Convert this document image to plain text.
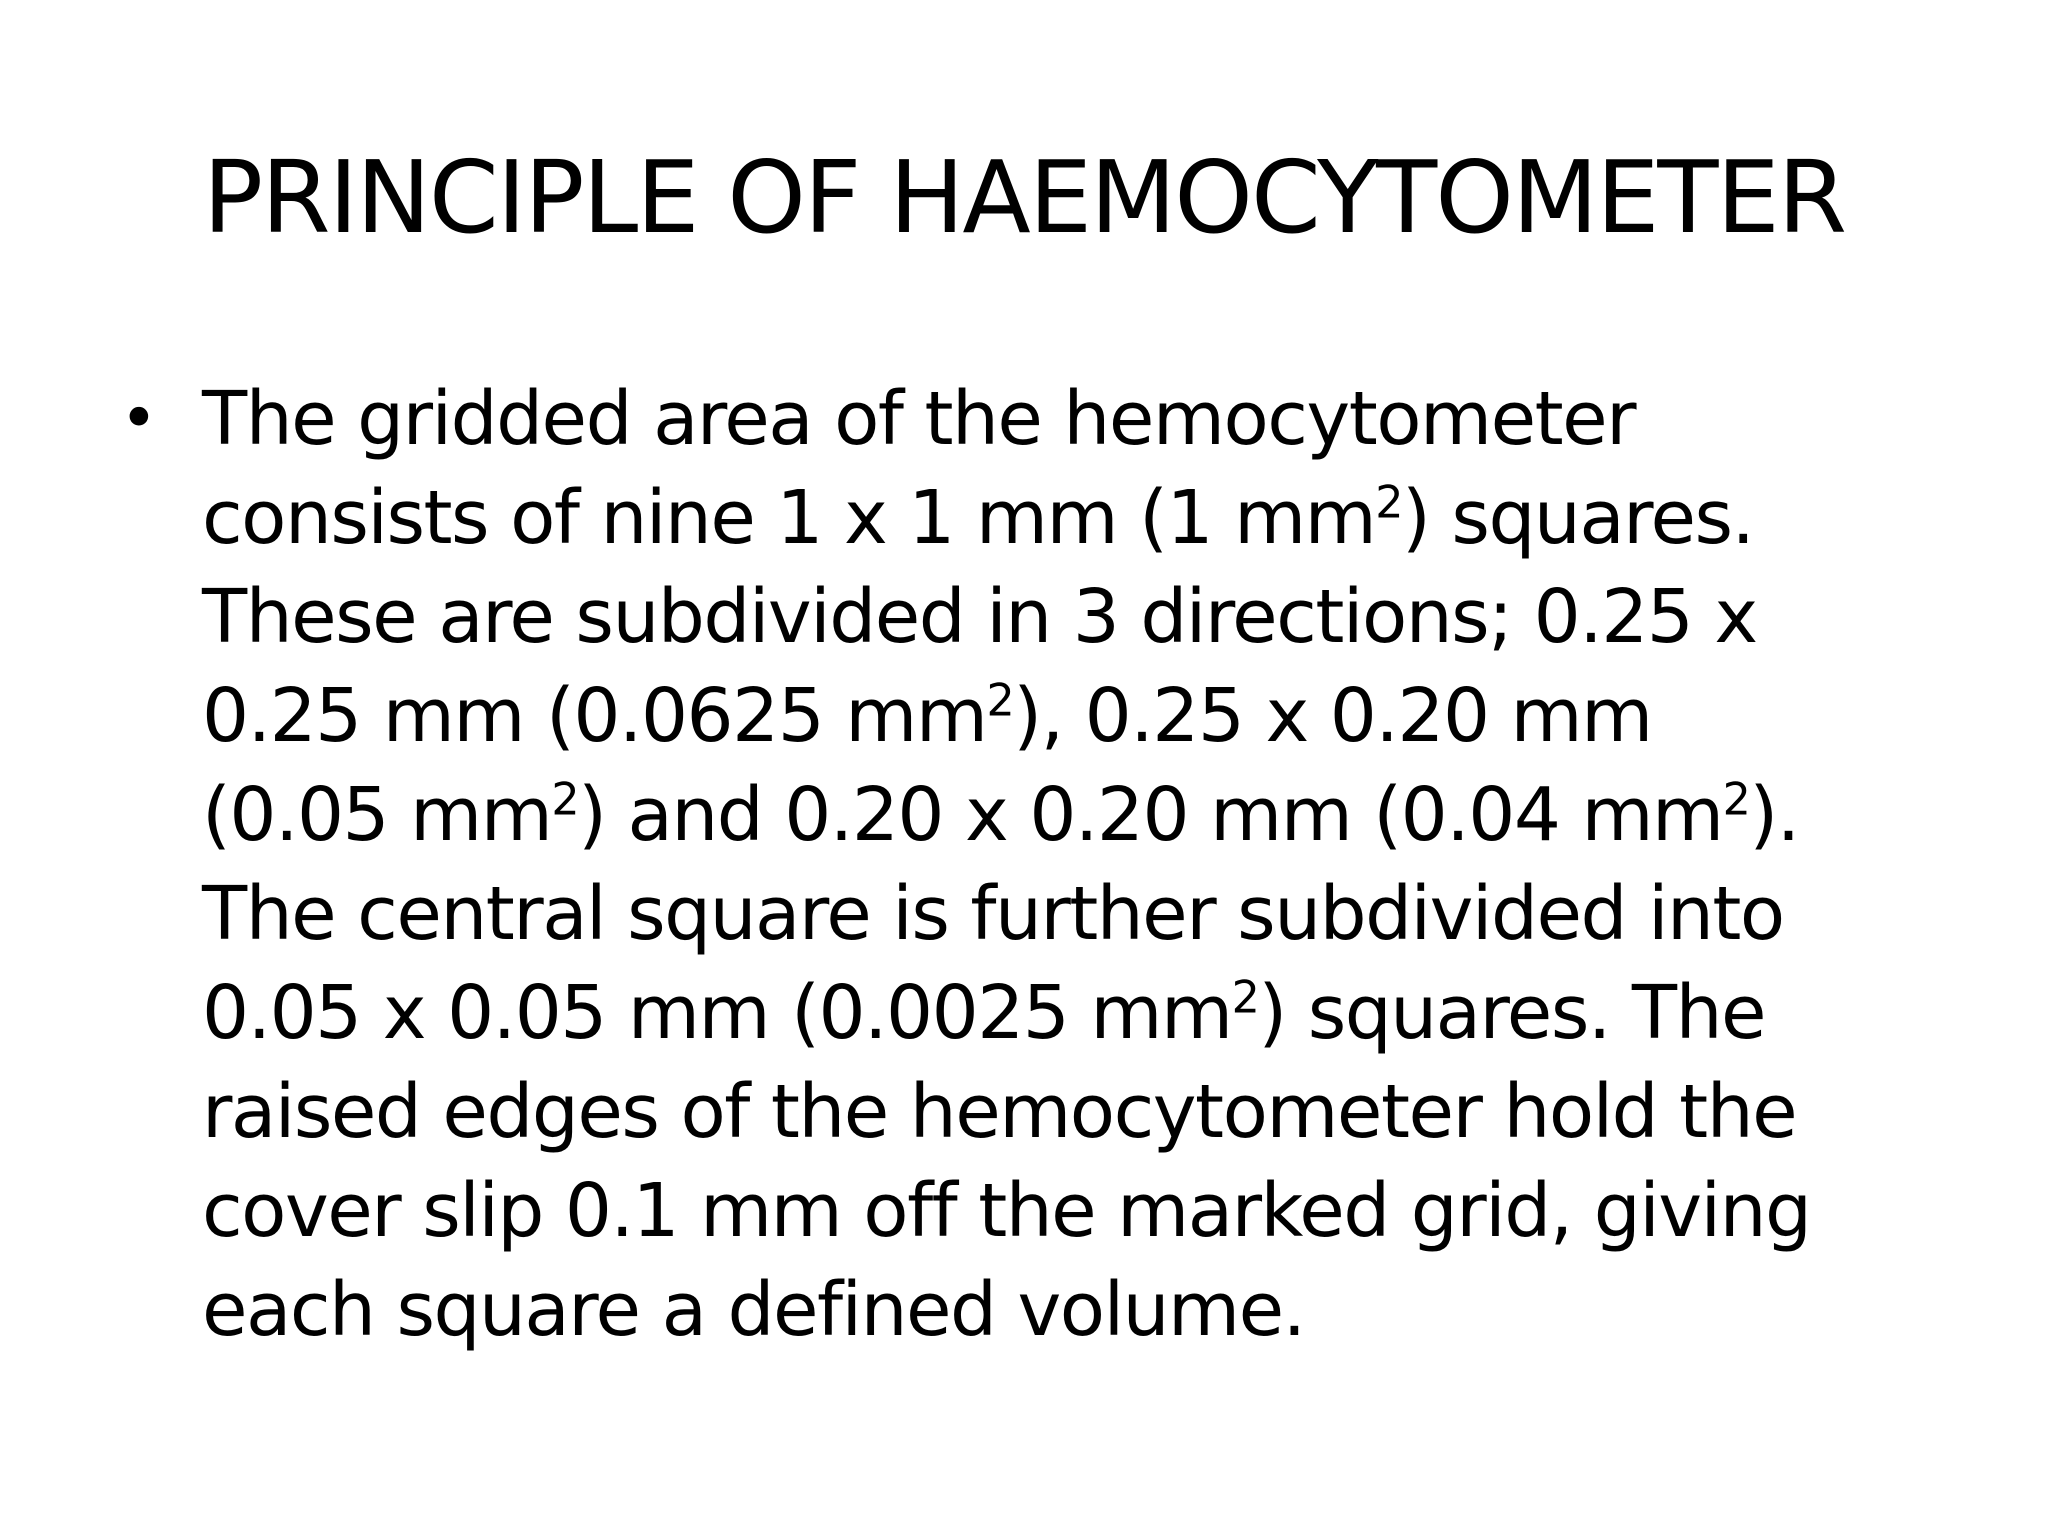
PRINCIPLE OF HAEMOCYTOMETER
• The gridded area of the hemocytometer
consists of nine 1 x 1 mm (1 $mm^2$) squares.
These are subdivided in 3 directions; 0.25 x
0.25 mm (0.0625 $mm^2$), 0.25 x 0.20 mm
(0.05 $mm^2$) and 0.20 x 0.20 mm (0.04 $mm^2$).
The central square is further subdivided into
0.05 x 0.05 mm (0.0025 $mm^2$) squares. The
raised edges of the hemocytometer hold the
cover slip 0.1 mm off the marked grid, giving
each square a defined volume.
